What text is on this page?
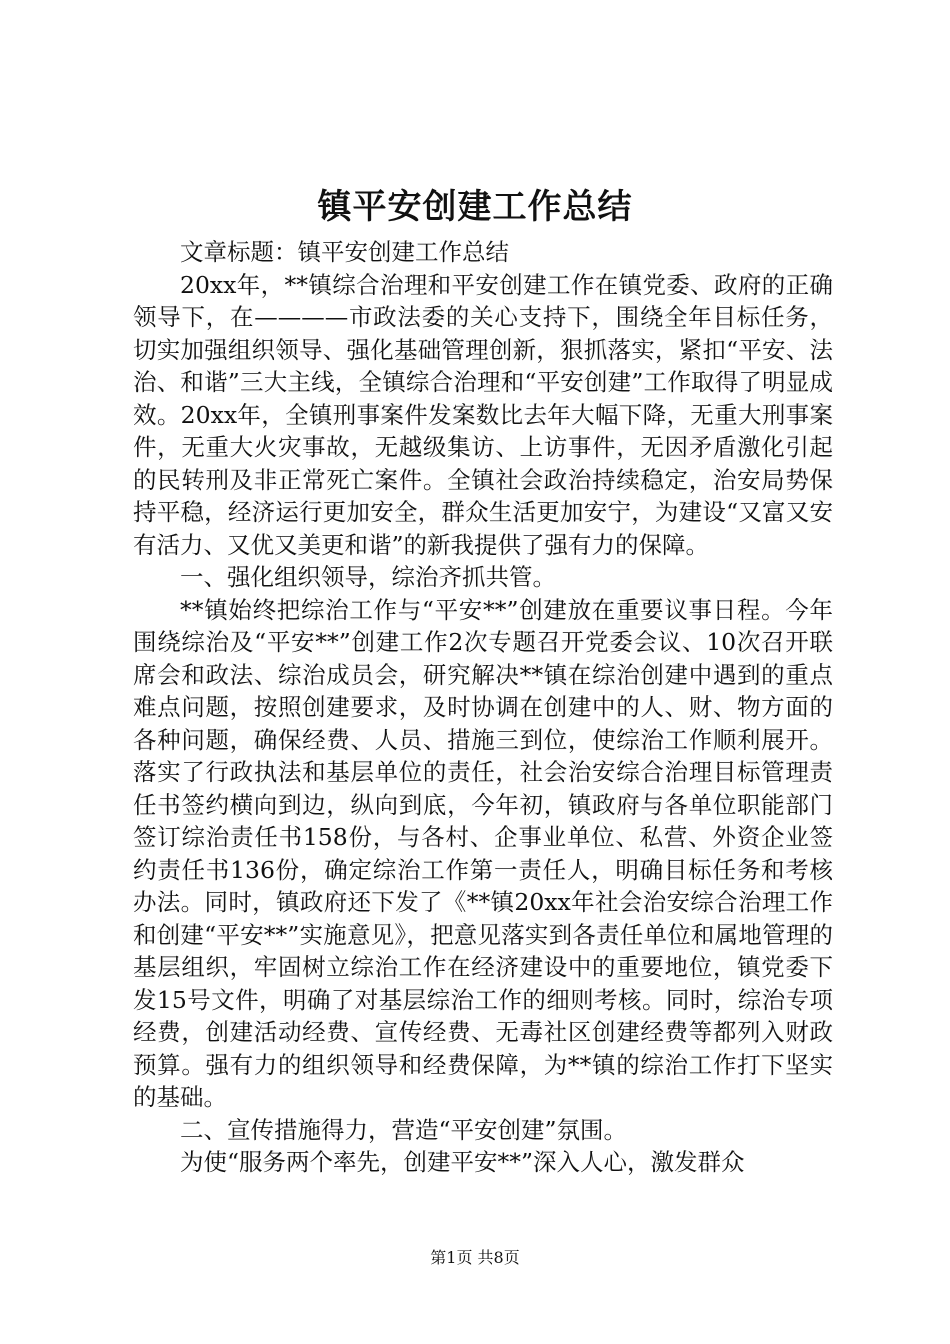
镇平安创建工作总结

文章标题：镇平安创建工作总结

20xx年，**镇综合治理和平安创建工作在镇党委、政府的正确领导下，在————市政法委的关心支持下，围绕全年目标任务，切实加强组织领导、强化基础管理创新，狠抓落实，紧扣“平安、法治、和谐”三大主线，全镇综合治理和“平安创建”工作取得了明显成效。20xx年，全镇刑事案件发案数比去年大幅下降，无重大刑事案件，无重大火灾事故，无越级集访、上访事件，无因矛盾激化引起的民转刑及非正常死亡案件。全镇社会政治持续稳定，治安局势保持平稳，经济运行更加安全，群众生活更加安宁，为建设“又富又安有活力、又优又美更和谐”的新我提供了强有力的保障。

一、强化组织领导，综治齐抓共管。

**镇始终把综治工作与“平安**”创建放在重要议事日程。今年围绕综治及“平安**”创建工作2次专题召开党委会议、10次召开联席会和政法、综治成员会，研究解决**镇在综治创建中遇到的重点难点问题，按照创建要求，及时协调在创建中的人、财、物方面的各种问题，确保经费、人员、措施三到位，使综治工作顺利展开。落实了行政执法和基层单位的责任，社会治安综合治理目标管理责任书签约横向到边，纵向到底，今年初，镇政府与各单位职能部门签订综治责任书158份，与各村、企事业单位、私营、外资企业签约责任书136份，确定综治工作第一责任人，明确目标任务和考核办法。同时，镇政府还下发了《**镇20xx年社会治安综合治理工作和创建“平安**”实施意见》，把意见落实到各责任单位和属地管理的基层组织，牢固树立综治工作在经济建设中的重要地位，镇党委下发15号文件，明确了对基层综治工作的细则考核。同时，综治专项经费，创建活动经费、宣传经费、无毒社区创建经费等都列入财政预算。强有力的组织领导和经费保障，为**镇的综治工作打下坚实的基础。

二、宣传措施得力，营造“平安创建”氛围。

为使“服务两个率先，创建平安**”深入人心，激发群众

第1页 共8页
